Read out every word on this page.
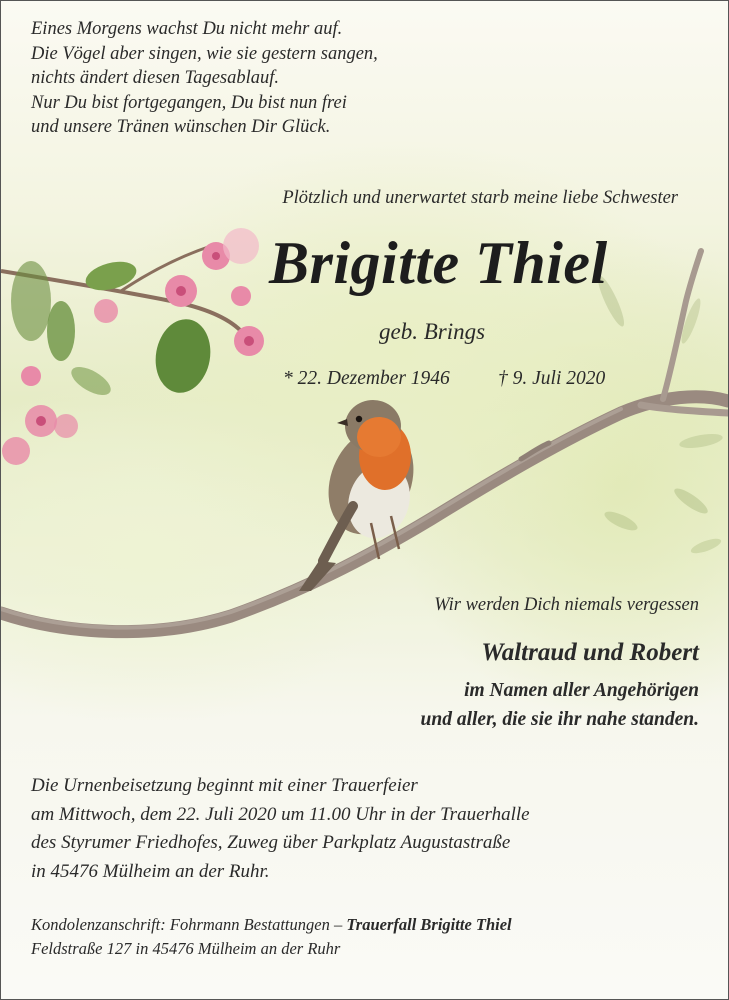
Eines Morgens wachst Du nicht mehr auf.
Die Vögel aber singen, wie sie gestern sangen,
nichts ändert diesen Tagesablauf.
Nur Du bist fortgegangen, Du bist nun frei
und unsere Tränen wünschen Dir Glück.
Plötzlich und unerwartet starb meine liebe Schwester
Brigitte Thiel
geb. Brings
* 22. Dezember 1946 † 9. Juli 2020
Wir werden Dich niemals vergessen
Waltraud und Robert
im Namen aller Angehörigen
und aller, die sie ihr nahe standen.
Die Urnenbeisetzung beginnt mit einer Trauerfeier
am Mittwoch, dem 22. Juli 2020 um 11.00 Uhr in der Trauerhalle
des Styrumer Friedhofes, Zuweg über Parkplatz Augustastraße
in 45476 Mülheim an der Ruhr.
Kondolenzanschrift: Fohrmann Bestattungen – Trauerfall Brigitte Thiel
Feldstraße 127 in 45476 Mülheim an der Ruhr
